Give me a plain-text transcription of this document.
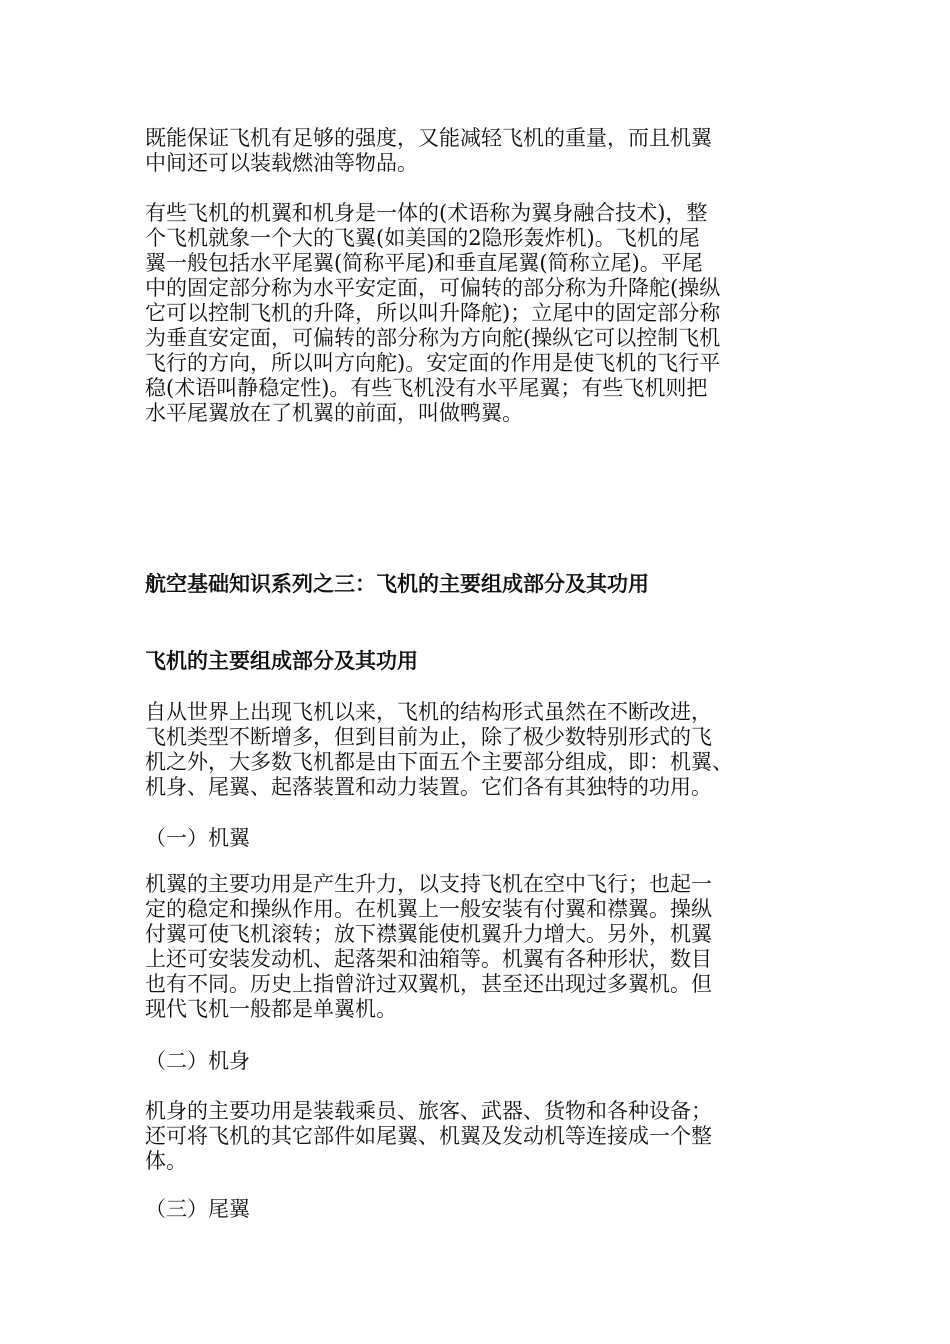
既能保证飞机有足够的强度，又能减轻飞机的重量，而且机翼
中间还可以装载燃油等物品。
有些飞机的机翼和机身是一体的(术语称为翼身融合技术)，整
个飞机就象一个大的飞翼(如美国的2隐形轰炸机)。飞机的尾
翼一般包括水平尾翼(简称平尾)和垂直尾翼(简称立尾)。平尾
中的固定部分称为水平安定面，可偏转的部分称为升降舵(操纵
它可以控制飞机的升降，所以叫升降舵)；立尾中的固定部分称
为垂直安定面，可偏转的部分称为方向舵(操纵它可以控制飞机
飞行的方向，所以叫方向舵)。安定面的作用是使飞机的飞行平
稳(术语叫静稳定性)。有些飞机没有水平尾翼；有些飞机则把
水平尾翼放在了机翼的前面，叫做鸭翼。
航空基础知识系列之三：飞机的主要组成部分及其功用
飞机的主要组成部分及其功用
自从世界上出现飞机以来，飞机的结构形式虽然在不断改进，
飞机类型不断增多，但到目前为止，除了极少数特别形式的飞
机之外，大多数飞机都是由下面五个主要部分组成，即：机翼、
机身、尾翼、起落装置和动力装置。它们各有其独特的功用。

（一）机翼

机翼的主要功用是产生升力，以支持飞机在空中飞行；也起一
定的稳定和操纵作用。在机翼上一般安装有付翼和襟翼。操纵
付翼可使飞机滚转；放下襟翼能使机翼升力增大。另外，机翼
上还可安装发动机、起落架和油箱等。机翼有各种形状，数目
也有不同。历史上指曾浒过双翼机，甚至还出现过多翼机。但
现代飞机一般都是单翼机。

（二）机身

机身的主要功用是装载乘员、旅客、武器、货物和各种设备；
还可将飞机的其它部件如尾翼、机翼及发动机等连接成一个整
体。

（三）尾翼
